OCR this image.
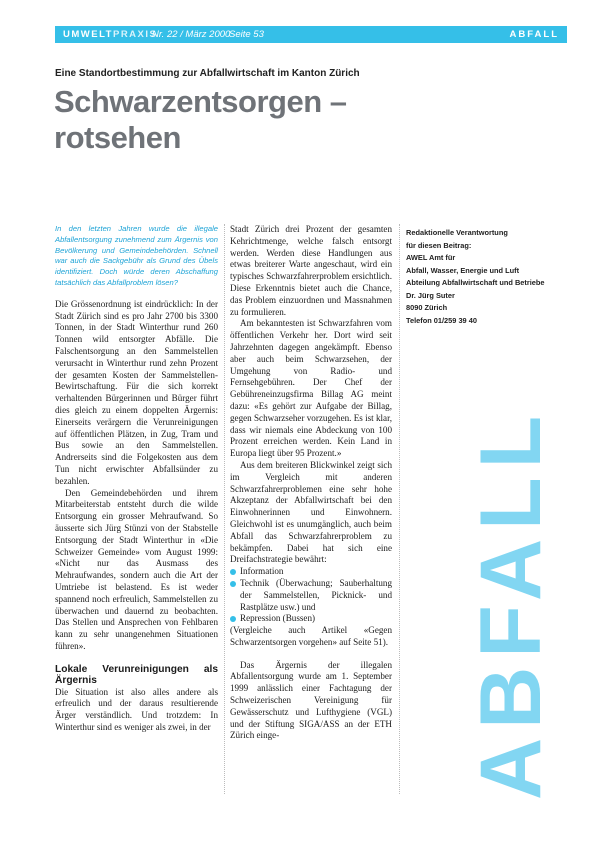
UMWELTPRAXIS
Nr. 22 / März 2000
Seite 53	ABFALL
Eine Standortbestimmung zur Abfallwirtschaft im Kanton Zürich
Schwarzentsorgen –
rotsehen

In den letzten Jahren wurde die illegale Abfallentsorgung zunehmend zum Ärgernis von Bevölkerung und Gemeindebehörden. Schnell war auch die Sackgebühr als Grund des Übels identifiziert. Doch würde deren Abschaffung tatsächlich das Abfallproblem lösen?

Die Grössenordnung ist eindrücklich: In der Stadt Zürich sind es pro Jahr 2700 bis 3300 Tonnen, in der Stadt Winterthur rund 260 Tonnen wild entsorgter Abfälle. Die Falschentsorgung an den Sammelstellen verursacht in Winterthur rund zehn Prozent der gesamten Kosten der Sammelstellen-Bewirtschaftung. Für die sich korrekt verhaltenden Bürgerinnen und Bürger führt dies gleich zu einem doppelten Ärgernis: Einerseits verärgern die Verunreinigungen auf öffentlichen Plätzen, in Zug, Tram und Bus sowie an den Sammelstellen. Andrerseits sind die Folgekosten aus dem Tun nicht erwischter Abfallsünder zu bezahlen.

Den Gemeindebehörden und ihrem Mitarbeiterstab entsteht durch die wilde Entsorgung ein grosser Mehraufwand. So äusserte sich Jürg Stünzi von der Stabstelle Entsorgung der Stadt Winterthur in «Die Schweizer Gemeinde» vom August 1999: «Nicht nur das Ausmass des Mehraufwandes, sondern auch die Art der Umtriebe ist belastend. Es ist weder spannend noch erfreulich, Sammelstellen zu überwachen und dauernd zu beobachten. Das Stellen und Ansprechen von Fehlbaren kann zu sehr unangenehmen Situationen führen».

Lokale Verunreinigungen als Ärgernis

Die Situation ist also alles andere als erfreulich und der daraus resultierende Ärger verständlich. Und trotzdem: In Winterthur sind es weniger als zwei, in der

Stadt Zürich drei Prozent der gesamten Kehrichtmenge, welche falsch entsorgt werden. Werden diese Handlungen aus etwas breiterer Warte angeschaut, wird ein typisches Schwarzfahrerproblem ersichtlich. Diese Erkenntnis bietet auch die Chance, das Problem einzuordnen und Massnahmen zu formulieren.

Am bekanntesten ist Schwarzfahren vom öffentlichen Verkehr her. Dort wird seit Jahrzehnten dagegen angekämpft. Ebenso aber auch beim Schwarzsehen, der Umgehung von Radio- und Fernsehgebühren. Der Chef der Gebühreneinzugsfirma Billag AG meint dazu: «Es gehört zur Aufgabe der Billag, gegen Schwarzseher vorzugehen. Es ist klar, dass wir niemals eine Abdeckung von 100 Prozent erreichen werden. Kein Land in Europa liegt über 95 Prozent.»

Aus dem breiteren Blickwinkel zeigt sich im Vergleich mit anderen Schwarzfahrerproblemen eine sehr hohe Akzeptanz der Abfallwirtschaft bei den Einwohnerinnen und Einwohnern. Gleichwohl ist es unumgänglich, auch beim Abfall das Schwarzfahrerproblem zu bekämpfen. Dabei hat sich eine Dreifachstrategie bewährt:

Information
Technik (Überwachung; Sauberhaltung der Sammelstellen, Picknick- und Rastplätze usw.) und
Repression (Bussen)

(Vergleiche auch Artikel «Gegen Schwarzentsorgen vorgehen» auf Seite 51).

Das Ärgernis der illegalen Abfallentsorgung wurde am 1. September 1999 anlässlich einer Fachtagung der Schweizerischen Vereinigung für Gewässerschutz und Lufthygiene (VGL) und der Stiftung SIGA/ASS an der ETH Zürich einge-

Redaktionelle Verantwortung
für diesen Beitrag:
AWEL Amt für
Abfall, Wasser, Energie und Luft
Abteilung Abfallwirtschaft und Betriebe
Dr. Jürg Suter
8090 Zürich
Telefon 01/259 39 40
ABFALL
